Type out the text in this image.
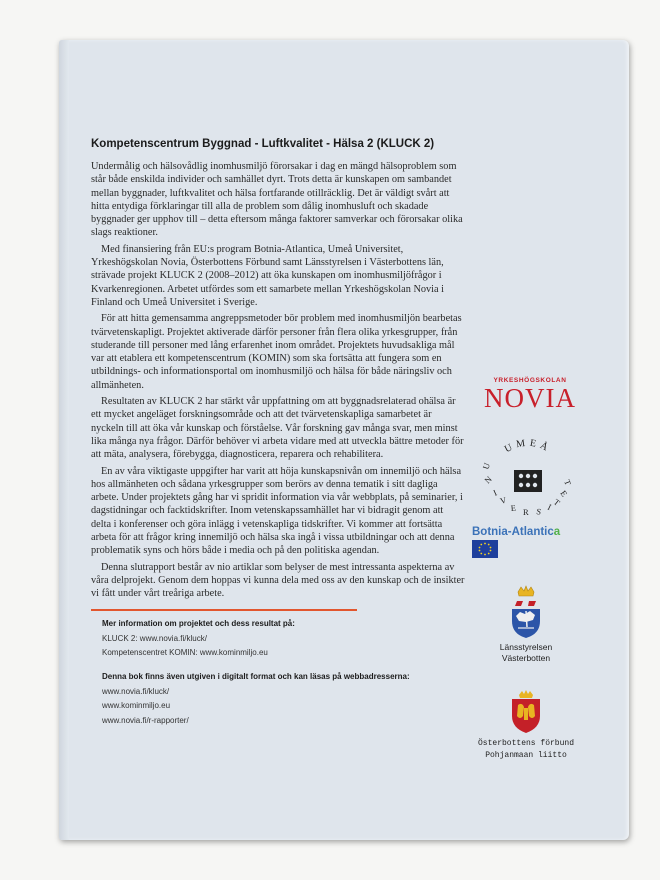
Kompetenscentrum Byggnad - Luftkvalitet - Hälsa 2 (KLUCK 2)

Undermålig och hälsovådlig inomhusmiljö förorsakar i dag en mängd hälsoproblem som står både enskilda individer och samhället dyrt. Trots detta är kunskapen om sambandet mellan byggnader, luftkvalitet och hälsa fortfarande otillräcklig. Det är väldigt svårt att hitta entydiga förklaringar till alla de problem som dålig inomhusluft och skadade byggnader ger upphov till – detta eftersom många faktorer samverkar och förorsakar olika slags reaktioner.

Med finansiering från EU:s program Botnia-Atlantica, Umeå Universitet, Yrkeshögskolan Novia, Österbottens Förbund samt Länsstyrelsen i Västerbottens län, strävade projekt KLUCK 2 (2008–2012) att öka kunskapen om inomhusmiljöfrågor i Kvarkenregionen. Arbetet utfördes som ett samarbete mellan Yrkeshögskolan Novia i Finland och Umeå Universitet i Sverige.

För att hitta gemensamma angreppsmetoder bör problem med inomhusmiljön bearbetas tvärvetenskapligt. Projektet aktiverade därför personer från flera olika yrkesgrupper, från studerande till personer med lång erfarenhet inom området. Projektets huvudsakliga mål var att etablera ett kompetenscentrum (KOMIN) som ska fortsätta att fungera som en utbildnings- och informationsportal om inomhusmiljö och hälsa för både näringsliv och allmänheten.

Resultaten av KLUCK 2 har stärkt vår uppfattning om att byggnadsrelaterad ohälsa är ett mycket angeläget forskningsområde och att det tvärvetenskapliga samarbetet är nyckeln till att öka vår kunskap och förståelse. Vår forskning gav många svar, men minst lika många nya frågor. Därför behöver vi arbeta vidare med att utveckla bättre metoder för att mäta, analysera, förebygga, diagnosticera, reparera och rehabilitera.

En av våra viktigaste uppgifter har varit att höja kunskapsnivån om innemiljö och hälsa hos allmänheten och sådana yrkesgrupper som berörs av denna tematik i sitt dagliga arbete. Under projektets gång har vi spridit information via vår webbplats, på seminarier, i dagstidningar och facktidskrifter. Inom vetenskapssamhället har vi bidragit genom att delta i konferenser och göra inlägg i vetenskapliga tidskrifter. Vi kommer att fortsätta arbeta för att frågor kring innemiljö och hälsa ska ingå i vissa utbildningar och att denna problematik syns och hörs både i media och på den politiska agendan.

Denna slutrapport består av nio artiklar som belyser de mest intressanta aspekterna av våra delprojekt. Genom dem hoppas vi kunna dela med oss av den kunskap och de insikter vi fått under vårt treåriga arbete.

Mer information om projektet och dess resultat på:
KLUCK 2: www.novia.fi/kluck/
Kompetenscentret KOMIN: www.kominmiljo.eu
Denna bok finns även utgiven i digitalt format och kan läsas på webbadresserna:
www.novia.fi/kluck/
www.kominmiljo.eu
www.novia.fi/r-rapporter/
YRKESHÖGSKOLAN
NOVIA
UMEÅ
U
N
I
V
E R S I
T
E
T
Botnia-Atlantica
Länsstyrelsen
Västerbotten
Österbottens förbund
Pohjanmaan liitto
